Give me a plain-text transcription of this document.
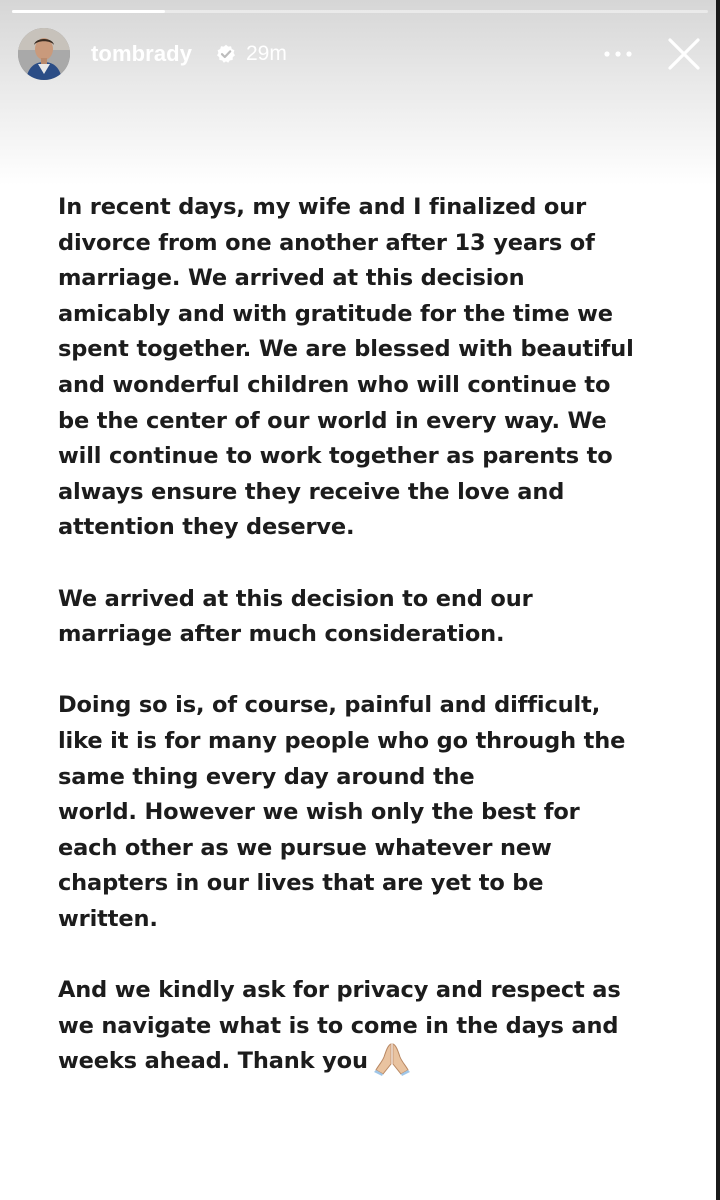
tombrady	29m
In recent days, my wife and I finalized our
divorce from one another after 13 years of
marriage. We arrived at this decision
amicably and with gratitude for the time we
spent together. We are blessed with beautiful
and wonderful children who will continue to
be the center of our world in every way. We
will continue to work together as parents to
always ensure they receive the love and
attention they deserve.
We arrived at this decision to end our
marriage after much consideration.
Doing so is, of course, painful and difficult,
like it is for many people who go through the
same thing every day around the
world. However we wish only the best for
each other as we pursue whatever new
chapters in our lives that are yet to be
written.
And we kindly ask for privacy and respect as
we navigate what is to come in the days and
weeks ahead. Thank you
